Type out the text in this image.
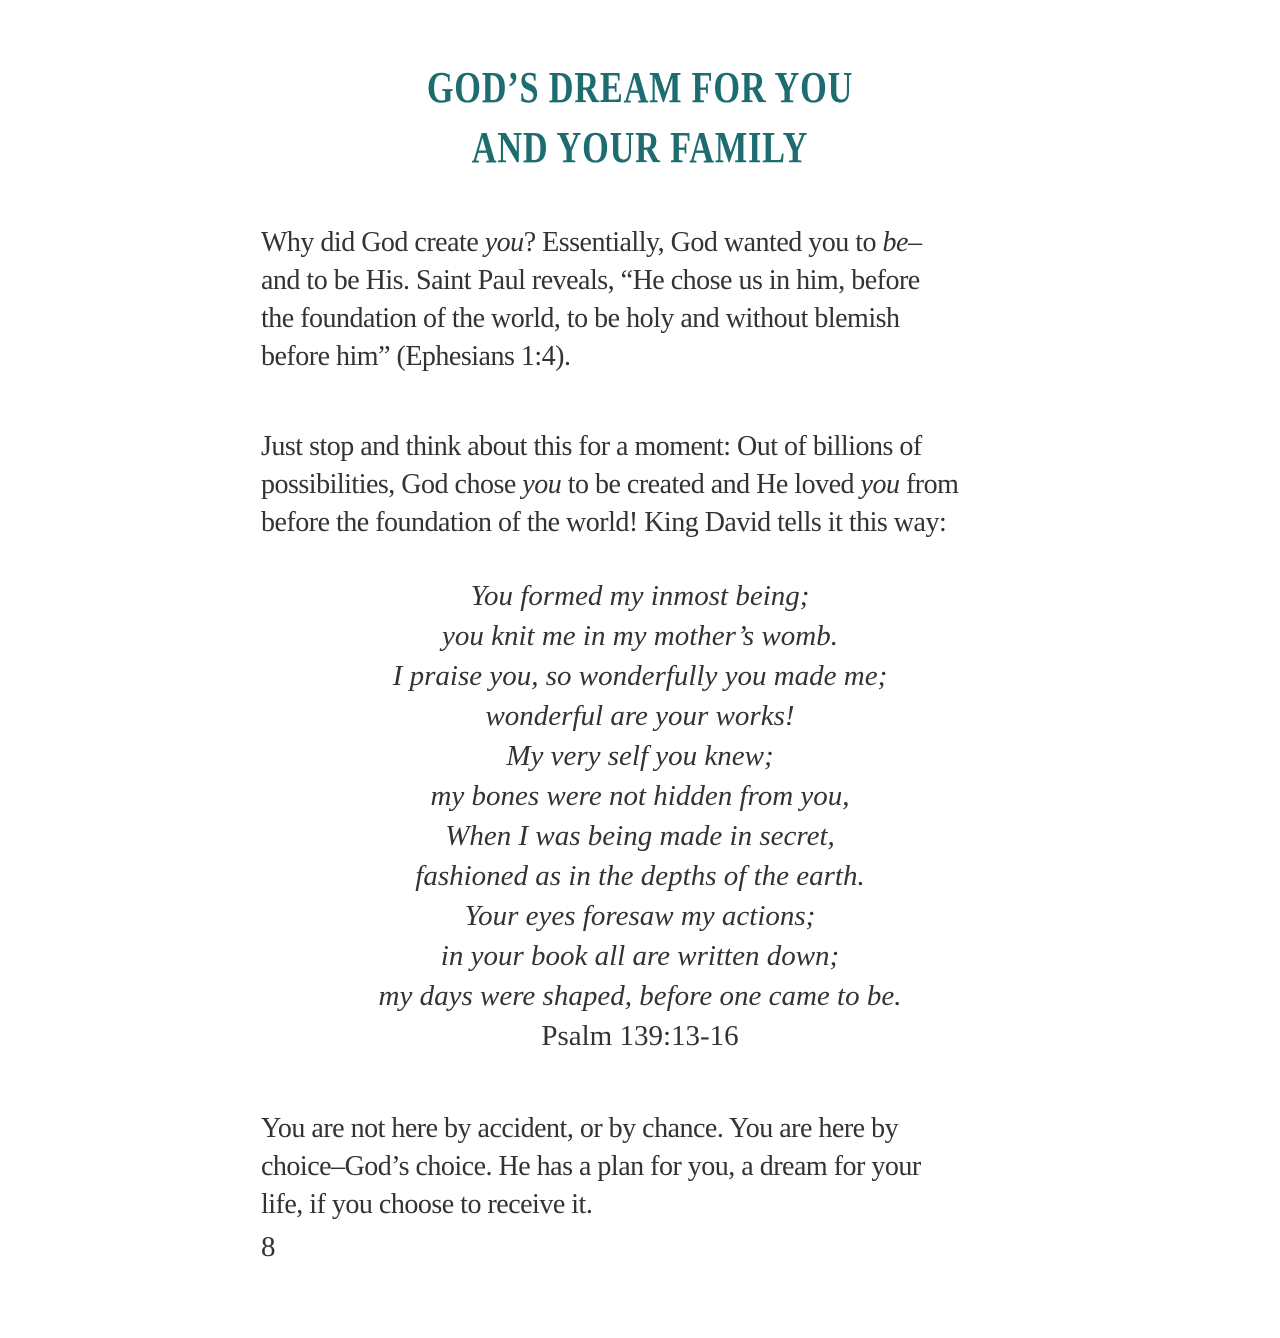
GOD’S DREAM FOR YOU
AND YOUR FAMILY

Why did God create you? Essentially, God wanted you to be–
and to be His. Saint Paul reveals, “He chose us in him, before
the foundation of the world, to be holy and without blemish
before him” (Ephesians 1:4).

Just stop and think about this for a moment: Out of billions of
possibilities, God chose you to be created and He loved you from
before the foundation of the world! King David tells it this way:

You formed my inmost being;
you knit me in my mother’s womb.
I praise you, so wonderfully you made me;
wonderful are your works!
My very self you knew;
my bones were not hidden from you,
When I was being made in secret,
fashioned as in the depths of the earth.
Your eyes foresaw my actions;
in your book all are written down;
my days were shaped, before one came to be.
Psalm 139:13-16

You are not here by accident, or by chance. You are here by
choice–God’s choice. He has a plan for you, a dream for your
life, if you choose to receive it.

8
